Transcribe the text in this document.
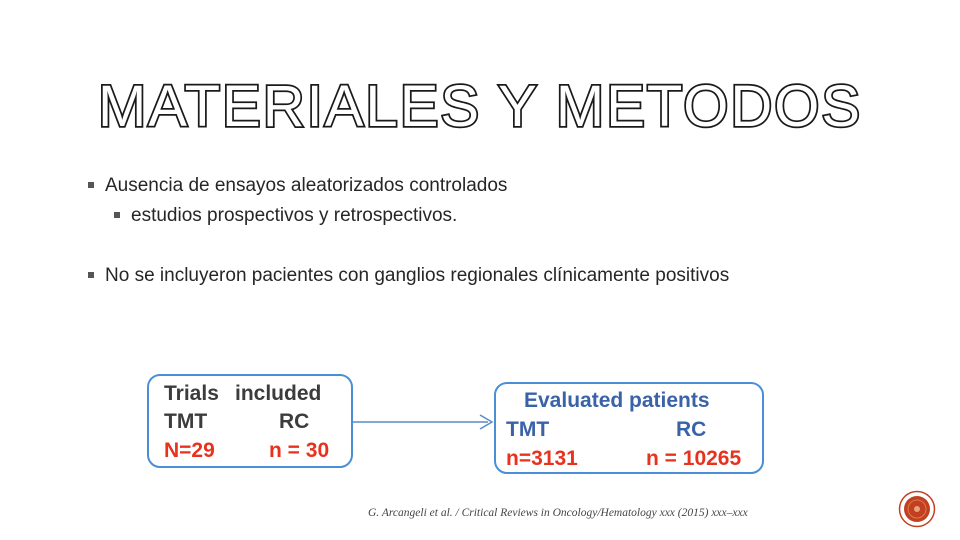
MATERIALES Y METODOS
Ausencia de ensayos aleatorizados controlados
estudios prospectivos y retrospectivos.
No se incluyeron pacientes con ganglios regionales clínicamente positivos
Trials included
TMT	RC
N=29	n = 30
Evaluated patients
TMT	RC
n=3131	n = 10265
G. Arcangeli et al. / Critical Reviews in Oncology/Hematology xxx (2015) xxx–xxx
